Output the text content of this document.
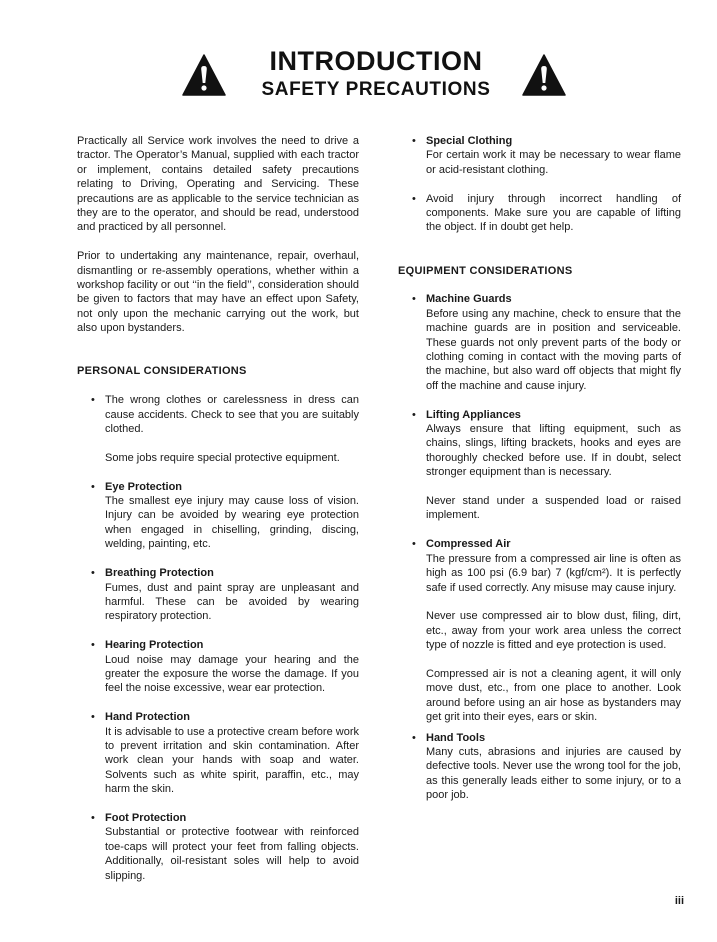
INTRODUCTION
SAFETY PRECAUTIONS

Practically all Service work involves the need to drive a tractor. The Operator’s Manual, supplied with each tractor or implement, contains detailed safety precautions relating to Driving, Operating and Servicing. These precautions are as applicable to the service technician as they are to the operator, and should be read, understood and practiced by all personnel.

Prior to undertaking any maintenance, repair, overhaul, dismantling or re-assembly operations, whether within a workshop facility or out ‘‘in the field’’, consideration should be given to factors that may have an effect upon Safety, not only upon the mechanic carrying out the work, but also upon bystanders.

PERSONAL CONSIDERATIONS

• The wrong clothes or carelessness in dress can cause accidents. Check to see that you are suitably clothed.

Some jobs require special protective equipment.

• Eye Protection

The smallest eye injury may cause loss of vision. Injury can be avoided by wearing eye protection when engaged in chiselling, grinding, discing, welding, painting, etc.

• Breathing Protection

Fumes, dust and paint spray are unpleasant and harmful. These can be avoided by wearing respiratory protection.

• Hearing Protection

Loud noise may damage your hearing and the greater the exposure the worse the damage. If you feel the noise excessive, wear ear protection.

• Hand Protection

It is advisable to use a protective cream before work to prevent irritation and skin contamination. After work clean your hands with soap and water. Solvents such as white spirit, paraffin, etc., may harm the skin.

• Foot Protection

Substantial or protective footwear with reinforced toe-caps will protect your feet from falling objects. Additionally, oil-resistant soles will help to avoid slipping.

• Special Clothing

For certain work it may be necessary to wear flame or acid-resistant clothing.

• Avoid injury through incorrect handling of components. Make sure you are capable of lifting the object. If in doubt get help.

EQUIPMENT CONSIDERATIONS

• Machine Guards

Before using any machine, check to ensure that the machine guards are in position and serviceable. These guards not only prevent parts of the body or clothing coming in contact with the moving parts of the machine, but also ward off objects that might fly off the machine and cause injury.

• Lifting Appliances

Always ensure that lifting equipment, such as chains, slings, lifting brackets, hooks and eyes are thoroughly checked before use. If in doubt, select stronger equipment than is necessary.

Never stand under a suspended load or raised implement.

• Compressed Air

The pressure from a compressed air line is often as high as 100 psi (6.9 bar) 7 (kgf/cm²). It is perfectly safe if used correctly. Any misuse may cause injury.

Never use compressed air to blow dust, filing, dirt, etc., away from your work area unless the correct type of nozzle is fitted and eye protection is used.

Compressed air is not a cleaning agent, it will only move dust, etc., from one place to another. Look around before using an air hose as bystanders may get grit into their eyes, ears or skin.

• Hand Tools

Many cuts, abrasions and injuries are caused by defective tools. Never use the wrong tool for the job, as this generally leads either to some injury, or to a poor job.

iii
